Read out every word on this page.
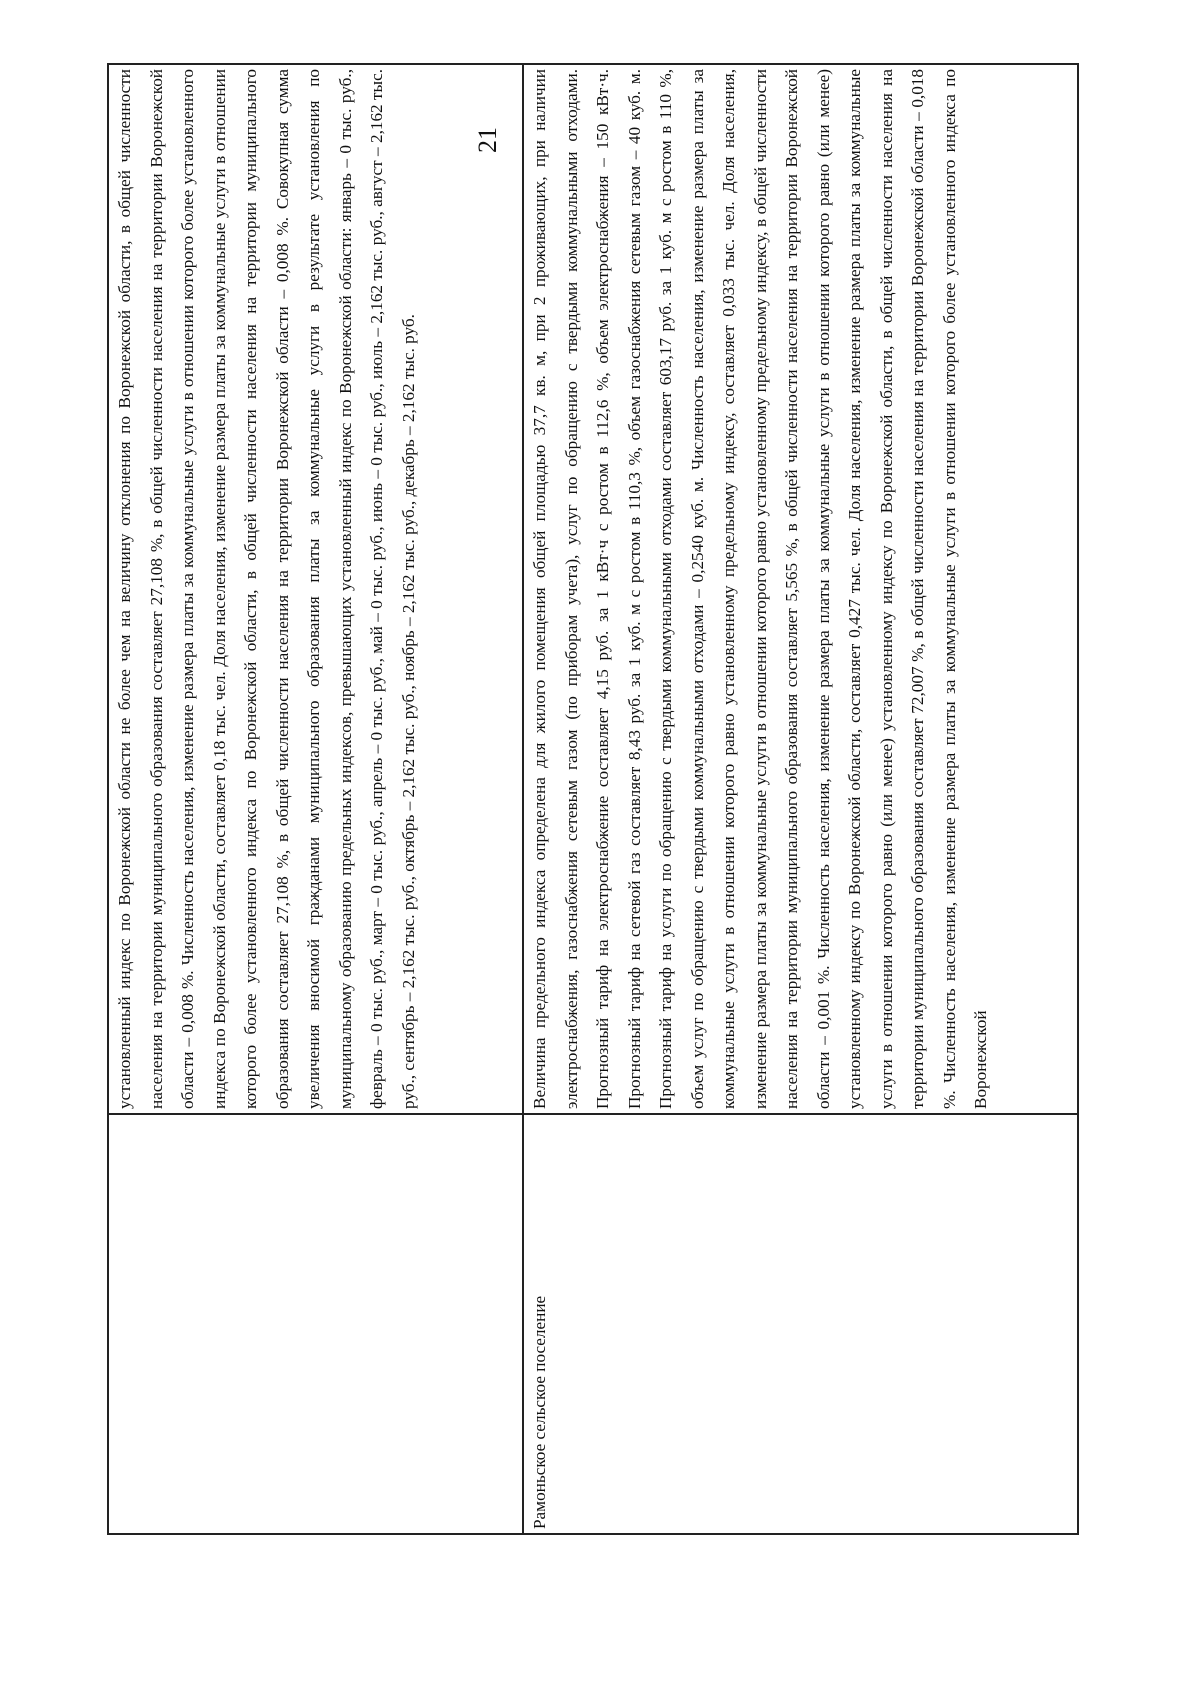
21
	установленный индекс по Воронежской области не более чем на величину отклонения по Воронежской области, в общей численности населения на территории муниципального образования составляет 27,108 %, в общей численности населения на территории Воронежской области – 0,008 %. Численность населения, изменение размера платы за коммунальные услуги в отношении которого более установленного индекса по Воронежской области, составляет 0,18 тыс. чел. Доля населения, изменение размера платы за коммунальные услуги в отношении которого более установленного индекса по Воронежской области, в общей численности населения на территории муниципального образования составляет 27,108 %, в общей численности населения на территории Воронежской области – 0,008 %. Совокупная сумма увеличения вносимой гражданами муниципального образования платы за коммунальные услуги в результате установления по муниципальному образованию предельных индексов, превышающих установленный индекс по Воронежской области: январь – 0 тыс. руб., февраль – 0 тыс. руб., март – 0 тыс. руб., апрель – 0 тыс. руб., май – 0 тыс. руб., июнь – 0 тыс. руб., июль – 2,162 тыс. руб., август – 2,162 тыс. руб., сентябрь – 2,162 тыс. руб., октябрь – 2,162 тыс. руб., ноябрь – 2,162 тыс. руб., декабрь – 2,162 тыс. руб.
Рамоньское сельское поселение	Величина предельного индекса определена для жилого помещения общей площадью 37,7 кв. м, при 2 проживающих, при наличии электроснабжения, газоснабжения сетевым газом (по приборам учета), услуг по обращению с твердыми коммунальными отходами. Прогнозный тариф на электроснабжение составляет 4,15 руб. за 1 кВт·ч с ростом в 112,6 %, объем электроснабжения – 150 кВт·ч. Прогнозный тариф на сетевой газ составляет 8,43 руб. за 1 куб. м с ростом в 110,3 %, объем газоснабжения сетевым газом – 40 куб. м. Прогнозный тариф на услуги по обращению с твердыми коммунальными отходами составляет 603,17 руб. за 1 куб. м с ростом в 110 %, объем услуг по обращению с твердыми коммунальными отходами – 0,2540 куб. м. Численность населения, изменение размера платы за коммунальные услуги в отношении которого равно установленному предельному индексу, составляет 0,033 тыс. чел. Доля населения, изменение размера платы за коммунальные услуги в отношении которого равно установленному предельному индексу, в общей численности населения на территории муниципального образования составляет 5,565 %, в общей численности населения на территории Воронежской области – 0,001 %. Численность населения, изменение размера платы за коммунальные услуги в отношении которого равно (или менее) установленному индексу по Воронежской области, составляет 0,427 тыс. чел. Доля населения, изменение размера платы за коммунальные услуги в отношении которого равно (или менее) установленному индексу по Воронежской области, в общей численности населения на территории муниципального образования составляет 72,007 %, в общей численности населения на территории Воронежской области – 0,018 %. Численность населения, изменение размера платы за коммунальные услуги в отношении которого более установленного индекса по Воронежской
